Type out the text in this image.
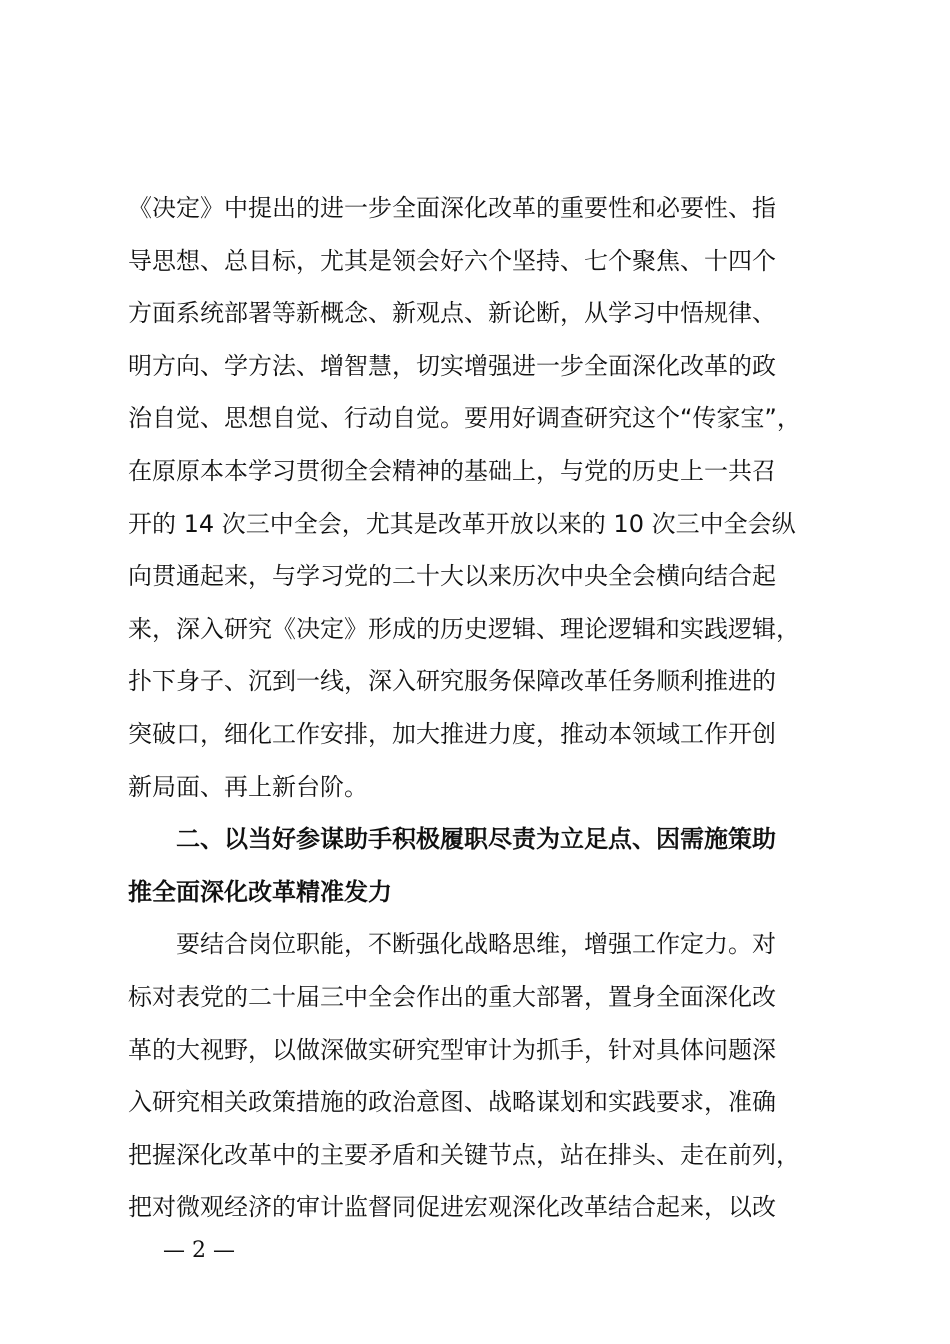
《决定》中提出的进一步全面深化改革的重要性和必要性、指
导思想、总目标，尤其是领会好六个坚持、七个聚焦、十四个
方面系统部署等新概念、新观点、新论断，从学习中悟规律、
明方向、学方法、增智慧，切实增强进一步全面深化改革的政
治自觉、思想自觉、行动自觉。要用好调查研究这个“传家宝”，
在原原本本学习贯彻全会精神的基础上，与党的历史上一共召
开的 14 次三中全会，尤其是改革开放以来的 10 次三中全会纵
向贯通起来，与学习党的二十大以来历次中央全会横向结合起
来，深入研究《决定》形成的历史逻辑、理论逻辑和实践逻辑，
扑下身子、沉到一线，深入研究服务保障改革任务顺利推进的
突破口，细化工作安排，加大推进力度，推动本领域工作开创
新局面、再上新台阶。
二、以当好参谋助手积极履职尽责为立足点、因需施策助
推全面深化改革精准发力
要结合岗位职能，不断强化战略思维，增强工作定力。对
标对表党的二十届三中全会作出的重大部署，置身全面深化改
革的大视野，以做深做实研究型审计为抓手，针对具体问题深
入研究相关政策措施的政治意图、战略谋划和实践要求，准确
把握深化改革中的主要矛盾和关键节点，站在排头、走在前列，
把对微观经济的审计监督同促进宏观深化改革结合起来，以改
— 2 —
